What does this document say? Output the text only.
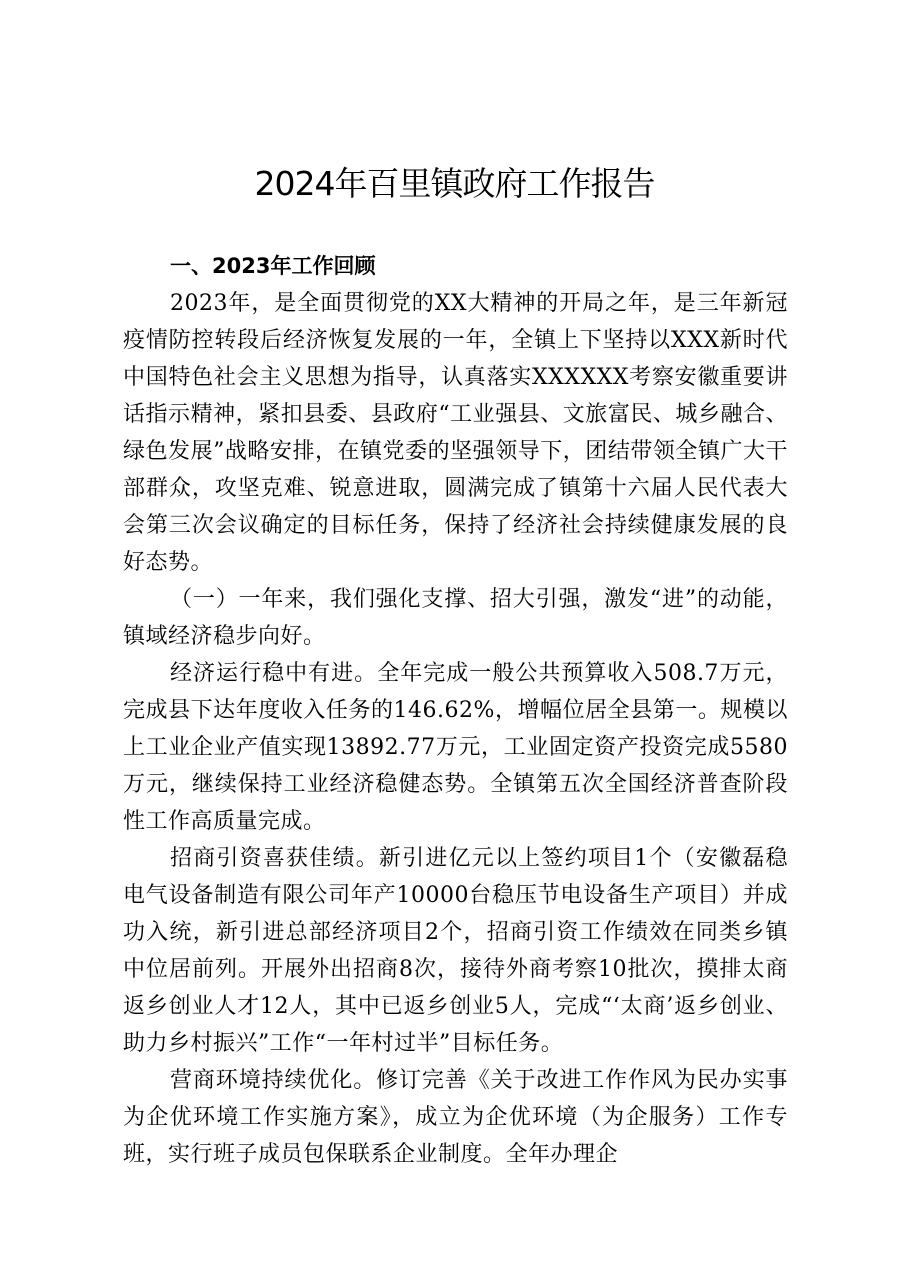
2024年百里镇政府工作报告

一、2023年工作回顾

2023年，是全面贯彻党的XX大精神的开局之年，是三年新冠疫情防控转段后经济恢复发展的一年，全镇上下坚持以XXX新时代中国特色社会主义思想为指导，认真落实XXXXXX考察安徽重要讲话指示精神，紧扣县委、县政府“工业强县、文旅富民、城乡融合、绿色发展”战略安排，在镇党委的坚强领导下，团结带领全镇广大干部群众，攻坚克难、锐意进取，圆满完成了镇第十六届人民代表大会第三次会议确定的目标任务，保持了经济社会持续健康发展的良好态势。

（一）一年来，我们强化支撑、招大引强，激发“进”的动能，镇域经济稳步向好。

经济运行稳中有进。全年完成一般公共预算收入508.7万元，完成县下达年度收入任务的146.62%，增幅位居全县第一。规模以上工业企业产值实现13892.77万元，工业固定资产投资完成5580万元，继续保持工业经济稳健态势。全镇第五次全国经济普查阶段性工作高质量完成。

招商引资喜获佳绩。新引进亿元以上签约项目1个（安徽磊稳电气设备制造有限公司年产10000台稳压节电设备生产项目）并成功入统，新引进总部经济项目2个，招商引资工作绩效在同类乡镇中位居前列。开展外出招商8次，接待外商考察10批次，摸排太商返乡创业人才12人，其中已返乡创业5人，完成“‘太商’返乡创业、助力乡村振兴”工作“一年村过半”目标任务。

营商环境持续优化。修订完善《关于改进工作作风为民办实事为企优环境工作实施方案》，成立为企优环境（为企服务）工作专班，实行班子成员包保联系企业制度。全年办理企
